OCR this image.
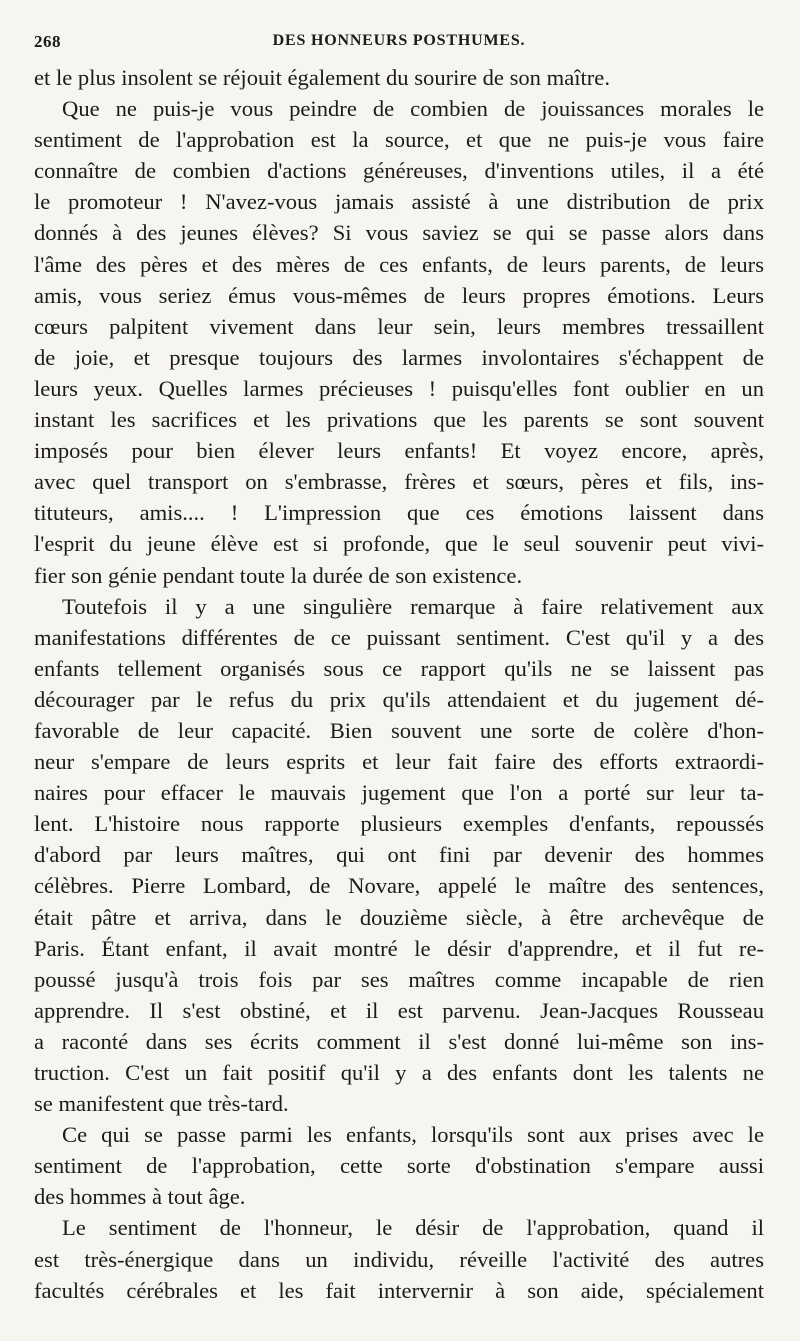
268	DES HONNEURS POSTHUMES.
et le plus insolent se réjouit également du sourire de son maître.
Que ne puis-je vous peindre de combien de jouissances morales le
sentiment de l'approbation est la source, et que ne puis-je vous faire
connaître de combien d'actions généreuses, d'inventions utiles, il a été
le promoteur ! N'avez-vous jamais assisté à une distribution de prix
donnés à des jeunes élèves? Si vous saviez se qui se passe alors dans
l'âme des pères et des mères de ces enfants, de leurs parents, de leurs
amis, vous seriez émus vous-mêmes de leurs propres émotions. Leurs
cœurs palpitent vivement dans leur sein, leurs membres tressaillent
de joie, et presque toujours des larmes involontaires s'échappent de
leurs yeux. Quelles larmes précieuses ! puisqu'elles font oublier en un
instant les sacrifices et les privations que les parents se sont souvent
imposés pour bien élever leurs enfants! Et voyez encore, après,
avec quel transport on s'embrasse, frères et sœurs, pères et fils, ins-
tituteurs, amis.... ! L'impression que ces émotions laissent dans
l'esprit du jeune élève est si profonde, que le seul souvenir peut vivi-
fier son génie pendant toute la durée de son existence.
Toutefois il y a une singulière remarque à faire relativement aux
manifestations différentes de ce puissant sentiment. C'est qu'il y a des
enfants tellement organisés sous ce rapport qu'ils ne se laissent pas
décourager par le refus du prix qu'ils attendaient et du jugement dé-
favorable de leur capacité. Bien souvent une sorte de colère d'hon-
neur s'empare de leurs esprits et leur fait faire des efforts extraordi-
naires pour effacer le mauvais jugement que l'on a porté sur leur ta-
lent. L'histoire nous rapporte plusieurs exemples d'enfants, repoussés
d'abord par leurs maîtres, qui ont fini par devenir des hommes
célèbres. Pierre Lombard, de Novare, appelé le maître des sentences,
était pâtre et arriva, dans le douzième siècle, à être archevêque de
Paris. Étant enfant, il avait montré le désir d'apprendre, et il fut re-
poussé jusqu'à trois fois par ses maîtres comme incapable de rien
apprendre. Il s'est obstiné, et il est parvenu. Jean-Jacques Rousseau
a raconté dans ses écrits comment il s'est donné lui-même son ins-
truction. C'est un fait positif qu'il y a des enfants dont les talents ne
se manifestent que très-tard.
Ce qui se passe parmi les enfants, lorsqu'ils sont aux prises avec le
sentiment de l'approbation, cette sorte d'obstination s'empare aussi
des hommes à tout âge.
Le sentiment de l'honneur, le désir de l'approbation, quand il
est très-énergique dans un individu, réveille l'activité des autres
facultés cérébrales et les fait intervernir à son aide, spécialement
